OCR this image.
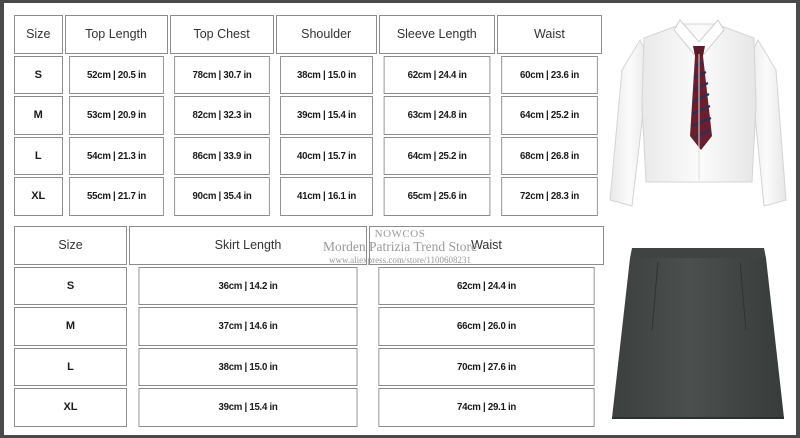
Size	Top Length	Top Chest	Shoulder	Sleeve Length	Waist
S	52cm | 20.5 in	78cm | 30.7 in	38cm | 15.0 in	62cm | 24.4 in	60cm | 23.6 in
M	53cm | 20.9 in	82cm | 32.3 in	39cm | 15.4 in	63cm | 24.8 in	64cm | 25.2 in
L	54cm | 21.3 in	86cm | 33.9 in	40cm | 15.7 in	64cm | 25.2 in	68cm | 26.8 in
XL	55cm | 21.7 in	90cm | 35.4 in	41cm | 16.1 in	65cm | 25.6 in	72cm | 28.3 in
Size	Skirt Length	Waist
S	36cm | 14.2 in	62cm | 24.4 in
M	37cm | 14.6 in	66cm | 26.0 in
L	38cm | 15.0 in	70cm | 27.6 in
XL	39cm | 15.4 in	74cm | 29.1 in
NOWCOS
Morden Patrizia Trend Store
www.aliexpress.com/store/1100608231
